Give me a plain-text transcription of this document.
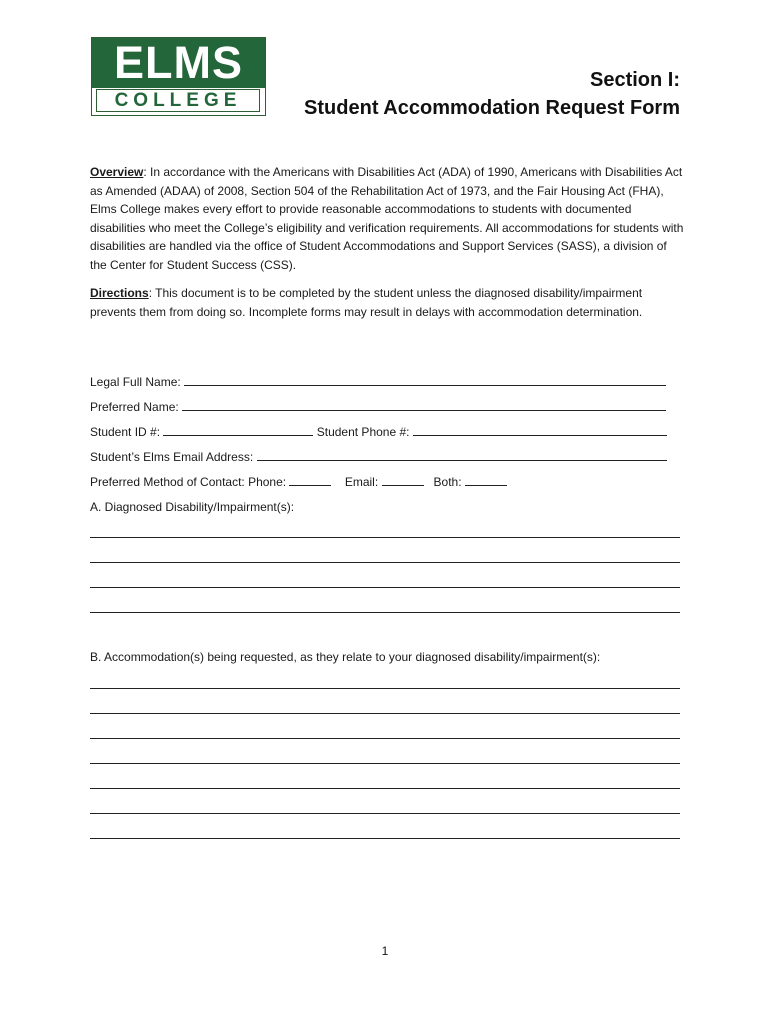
ELMS
COLLEGE
Section I:
Student Accommodation Request Form
Overview: In accordance with the Americans with Disabilities Act (ADA) of 1990, Americans with Disabilities Act as Amended (ADAA) of 2008, Section 504 of the Rehabilitation Act of 1973, and the Fair Housing Act (FHA), Elms College makes every effort to provide reasonable accommodations to students with documented disabilities who meet the College’s eligibility and verification requirements. All accommodations for students with disabilities are handled via the office of Student Accommodations and Support Services (SASS), a division of the Center for Student Success (CSS).
Directions: This document is to be completed by the student unless the diagnosed disability/impairment prevents them from doing so. Incomplete forms may result in delays with accommodation determination.
Legal Full Name:
Preferred Name:
Student ID #:	Student Phone #:
Student’s Elms Email Address:
Preferred Method of Contact: Phone:	Email:	Both:
A. Diagnosed Disability/Impairment(s):
B. Accommodation(s) being requested, as they relate to your diagnosed disability/impairment(s):
1
